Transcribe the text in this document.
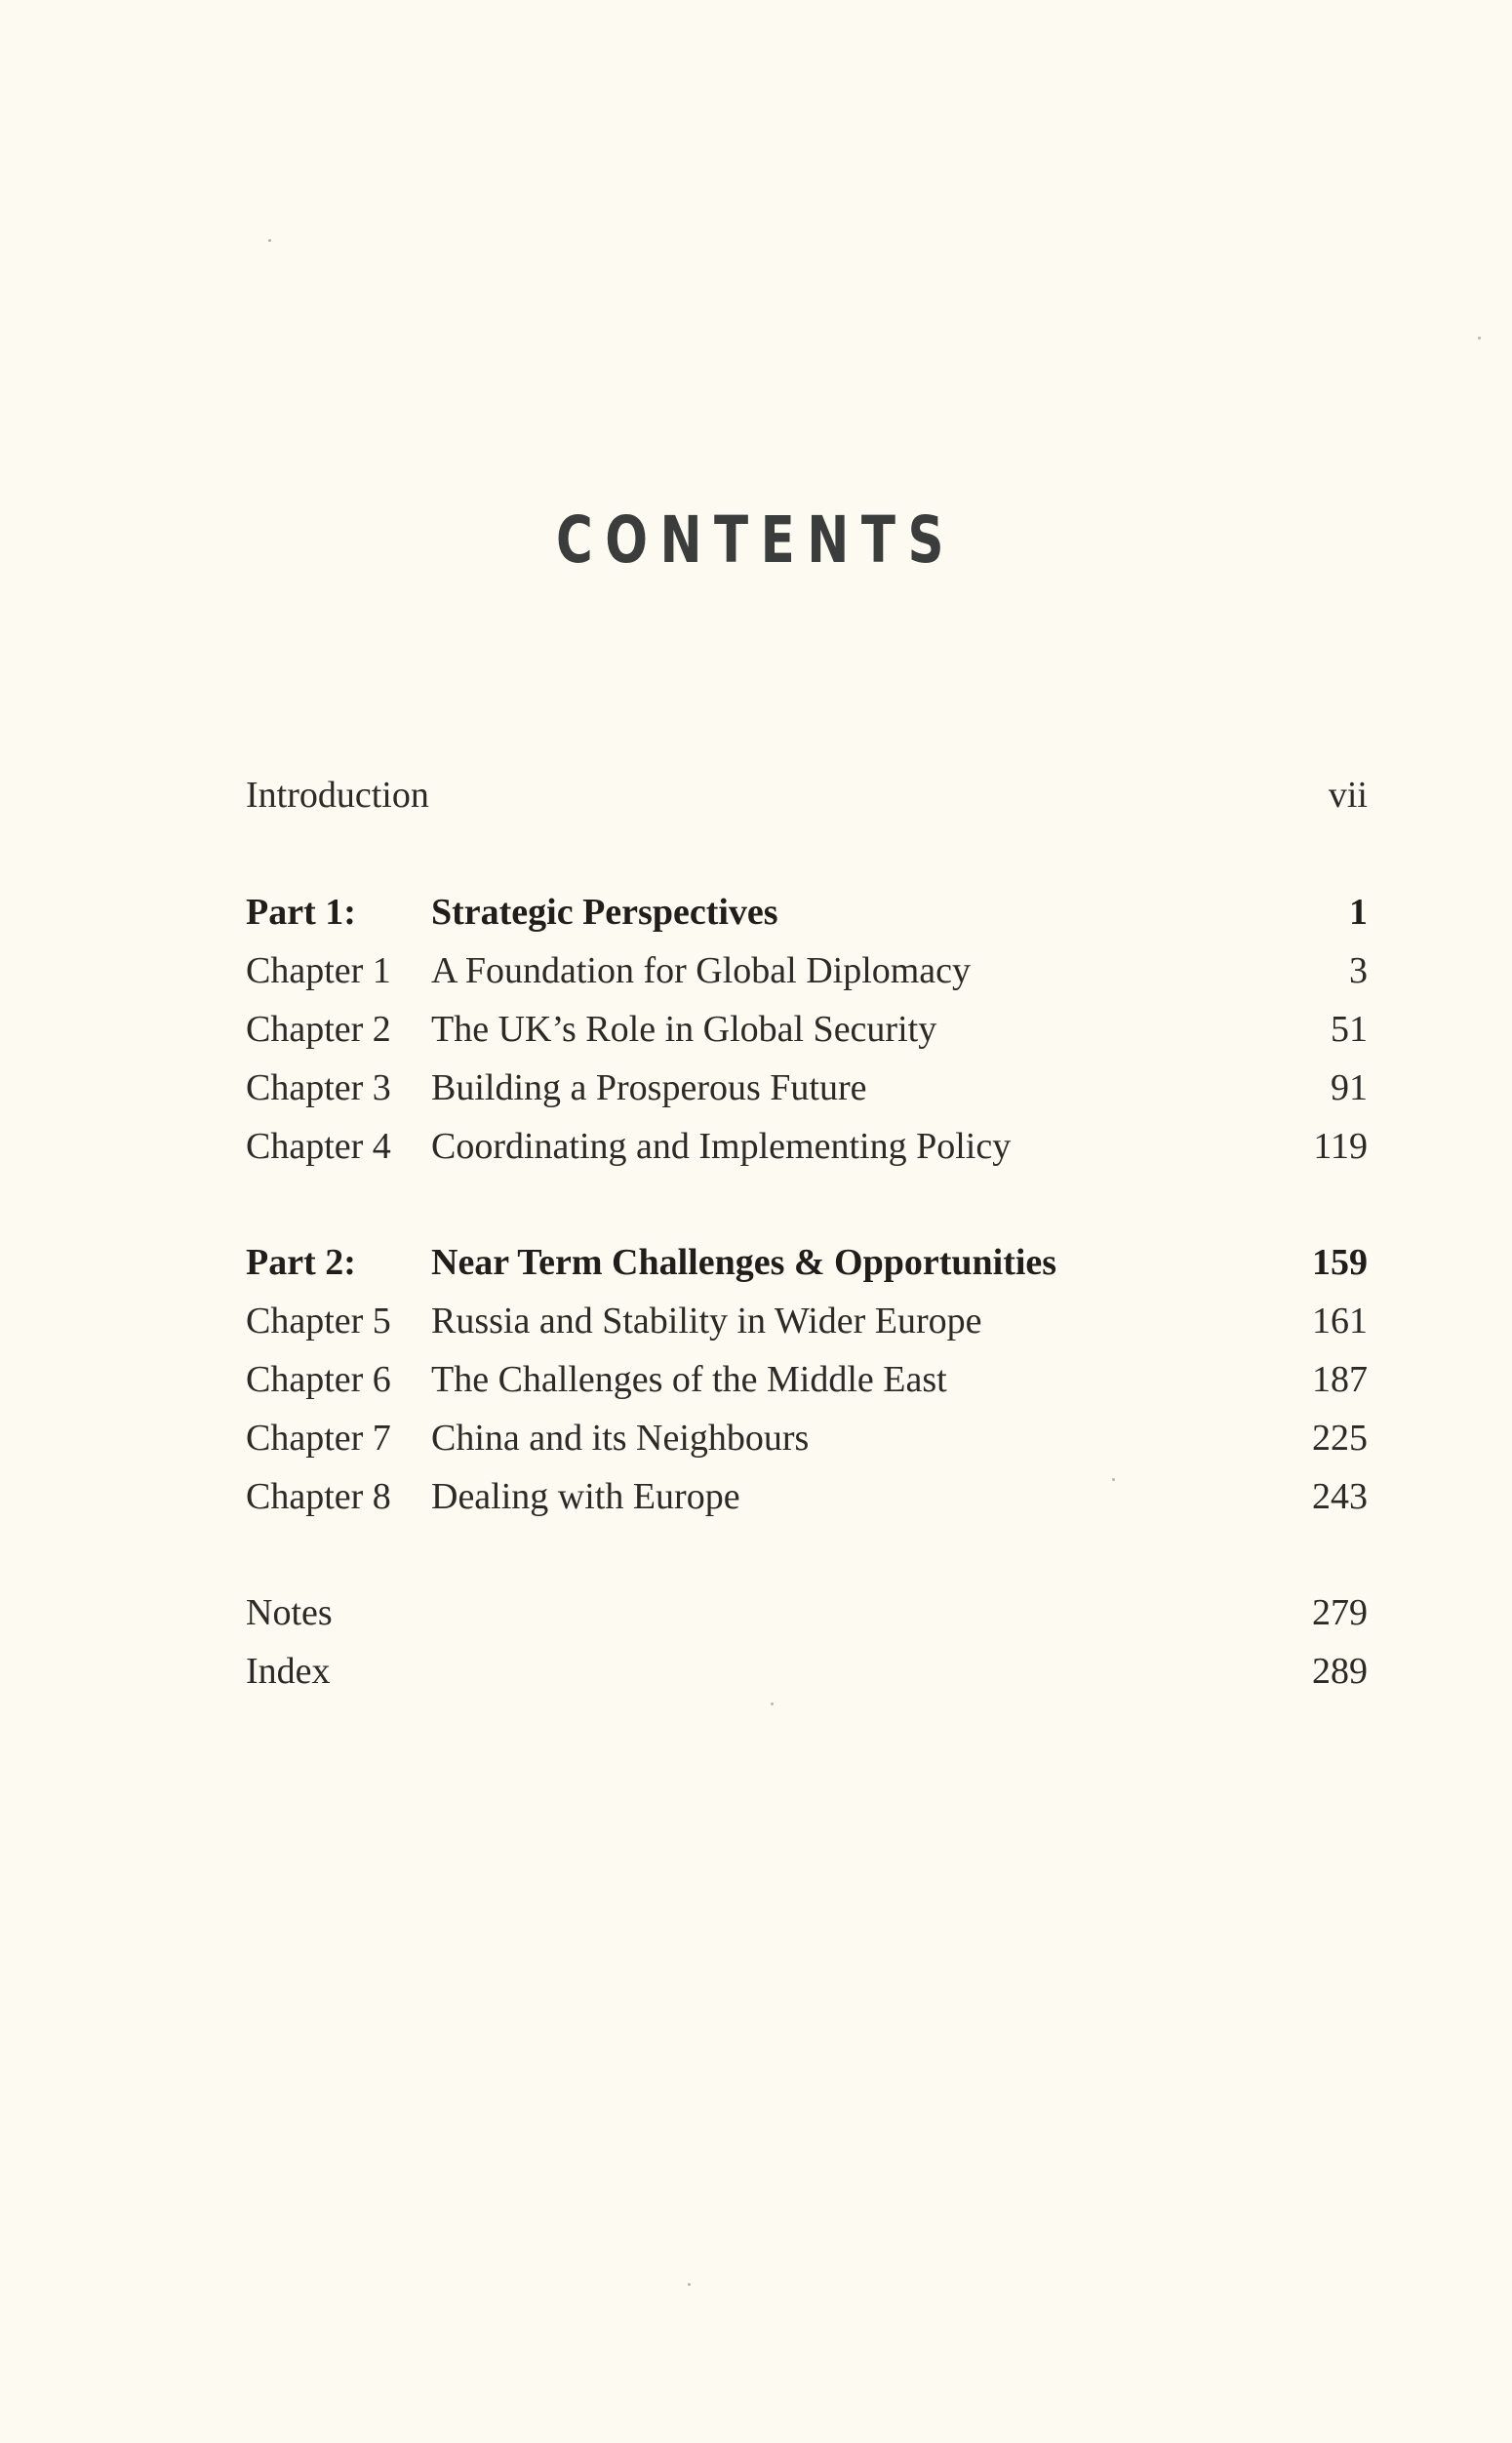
CONTENTS
Introduction	vii
Part 1: Strategic Perspectives	1
Chapter 1 A Foundation for Global Diplomacy	3
Chapter 2 The UK’s Role in Global Security	51
Chapter 3 Building a Prosperous Future	91
Chapter 4 Coordinating and Implementing Policy	119
Part 2: Near Term Challenges & Opportunities	159
Chapter 5 Russia and Stability in Wider Europe	161
Chapter 6 The Challenges of the Middle East	187
Chapter 7 China and its Neighbours	225
Chapter 8 Dealing with Europe	243
Notes	279
Index	289
